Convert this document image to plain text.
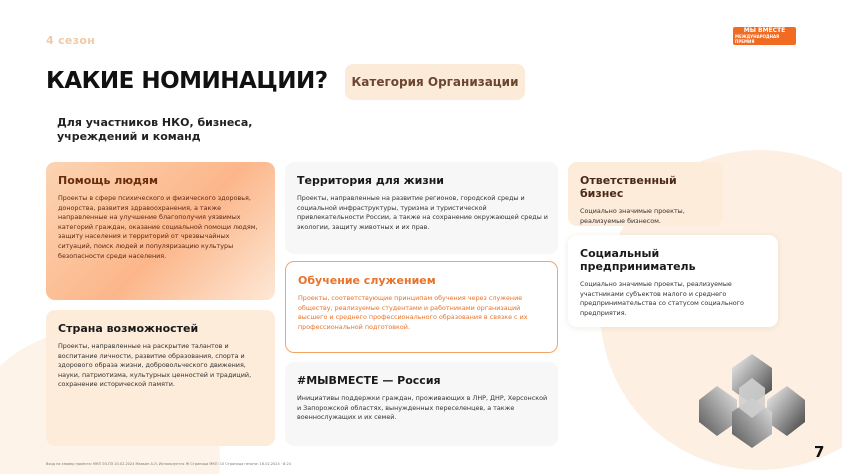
4 сезон
МЫ ВМЕСТЕ
МЕЖДУНАРОДНАЯ ПРЕМИЯ
КАКИЕ НОМИНАЦИИ?	Категория Организации
Для участников НКО, бизнеса, учреждений и команд
Помощь людям
Проекты в сфере психического и физического здоровья, донорства, развития здравоохранения, а также направленные на улучшение благополучия уязвимых категорий граждан, оказание социальной помощи людям, защиту населения и территорий от чрезвычайных ситуаций, поиск людей и популяризацию культуры безопасности среди населения.
Страна возможностей
Проекты, направленные на раскрытие талантов и воспитание личности, развитие образования, спорта и здорового образа жизни, добровольческого движения, науки, патриотизма, культурных ценностей и традиций, сохранение исторической памяти.
Территория для жизни
Проекты, направленные на развитие регионов, городской среды и социальной инфраструктуры, туризма и туристической привлекательности России, а также на сохранение окружающей среды и экологии, защиту животных и их прав.
Обучение служением
Проекты, соответствующие принципам обучения через служение обществу, реализуемые студентами и работниками организаций высшего и среднего профессионального образования в связке с их профессиональной подготовкой.
#МЫВМЕСТЕ — Россия
Инициативы поддержки граждан, проживающих в ЛНР, ДНР, Херсонской и Запорожской областях, вынужденных переселенцев, а также военнослужащих и их семей.
Ответственный бизнес
Социально значимые проекты, реализуемые бизнесом.
Социальный предприниматель
Социально значимые проекты, реализуемые участниками субъектов малого и среднего предпринимательства со статусом социального предприятия.
7
Вход на сервер проекта: МКП ЭЗ-ПЭ 20.02.2024 Маякин А.Л. Используется Ж Страница МКП: 10 Страница печати: 16.02.2024 · 8:24
